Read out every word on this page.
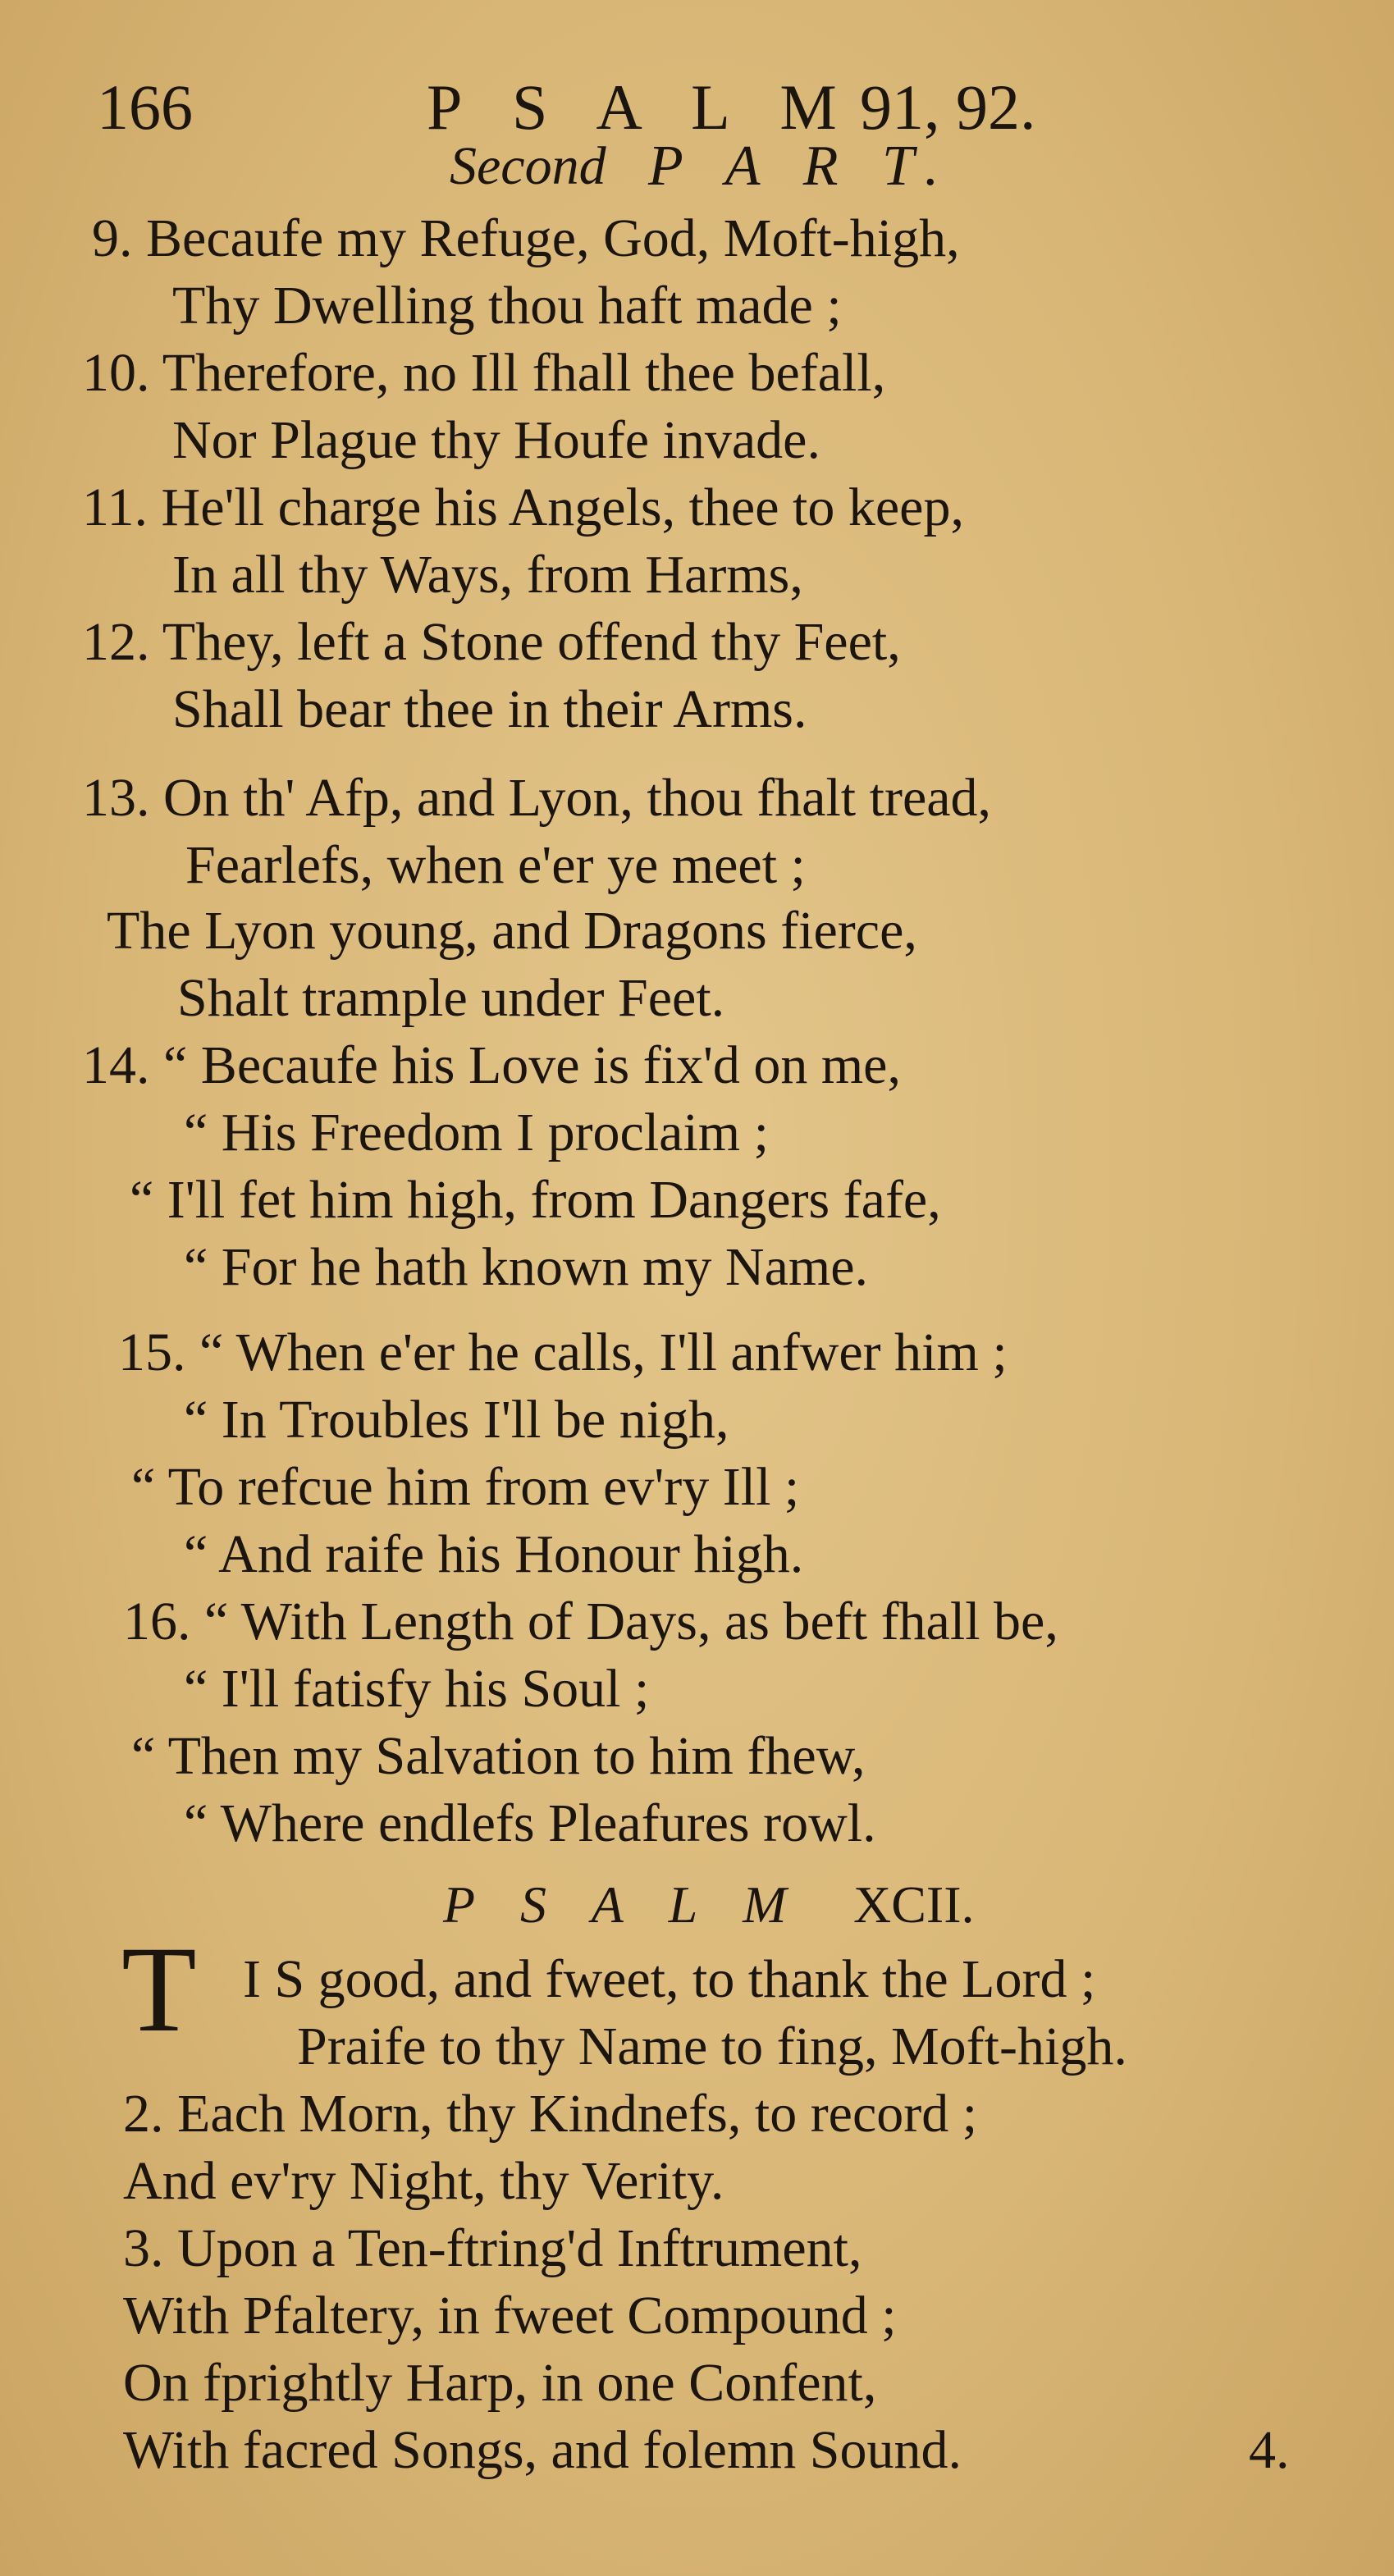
166	P S A L M 91, 92.
Second P A R T.
9. Becaufe my Refuge, God, Moft-high,
Thy Dwelling thou haft made ;
10. Therefore, no Ill fhall thee befall,
Nor Plague thy Houfe invade.
11. He'll charge his Angels, thee to keep,
In all thy Ways, from Harms,
12. They, left a Stone offend thy Feet,
Shall bear thee in their Arms.
13. On th' Afp, and Lyon, thou fhalt tread,
Fearlefs, when e'er ye meet ;
The Lyon young, and Dragons fierce,
Shalt trample under Feet.
14. “ Becaufe his Love is fix'd on me,
“ His Freedom I proclaim ;
“ I'll fet him high, from Dangers fafe,
“ For he hath known my Name.
15. “ When e'er he calls, I'll anfwer him ;
“ In Troubles I'll be nigh,
“ To refcue him from ev'ry Ill ;
“ And raife his Honour high.
16. “ With Length of Days, as beft fhall be,
“ I'll fatisfy his Soul ;
“ Then my Salvation to him fhew,
“ Where endlefs Pleafures rowl.
P S A L M XCII.
T I S good, and fweet, to thank the Lord ;
Praife to thy Name to fing, Moft-high.
2. Each Morn, thy Kindnefs, to record ;
And ev'ry Night, thy Verity.
3. Upon a Ten-ftring'd Inftrument,
With Pfaltery, in fweet Compound ;
On fprightly Harp, in one Confent,
With facred Songs, and folemn Sound.	4.
